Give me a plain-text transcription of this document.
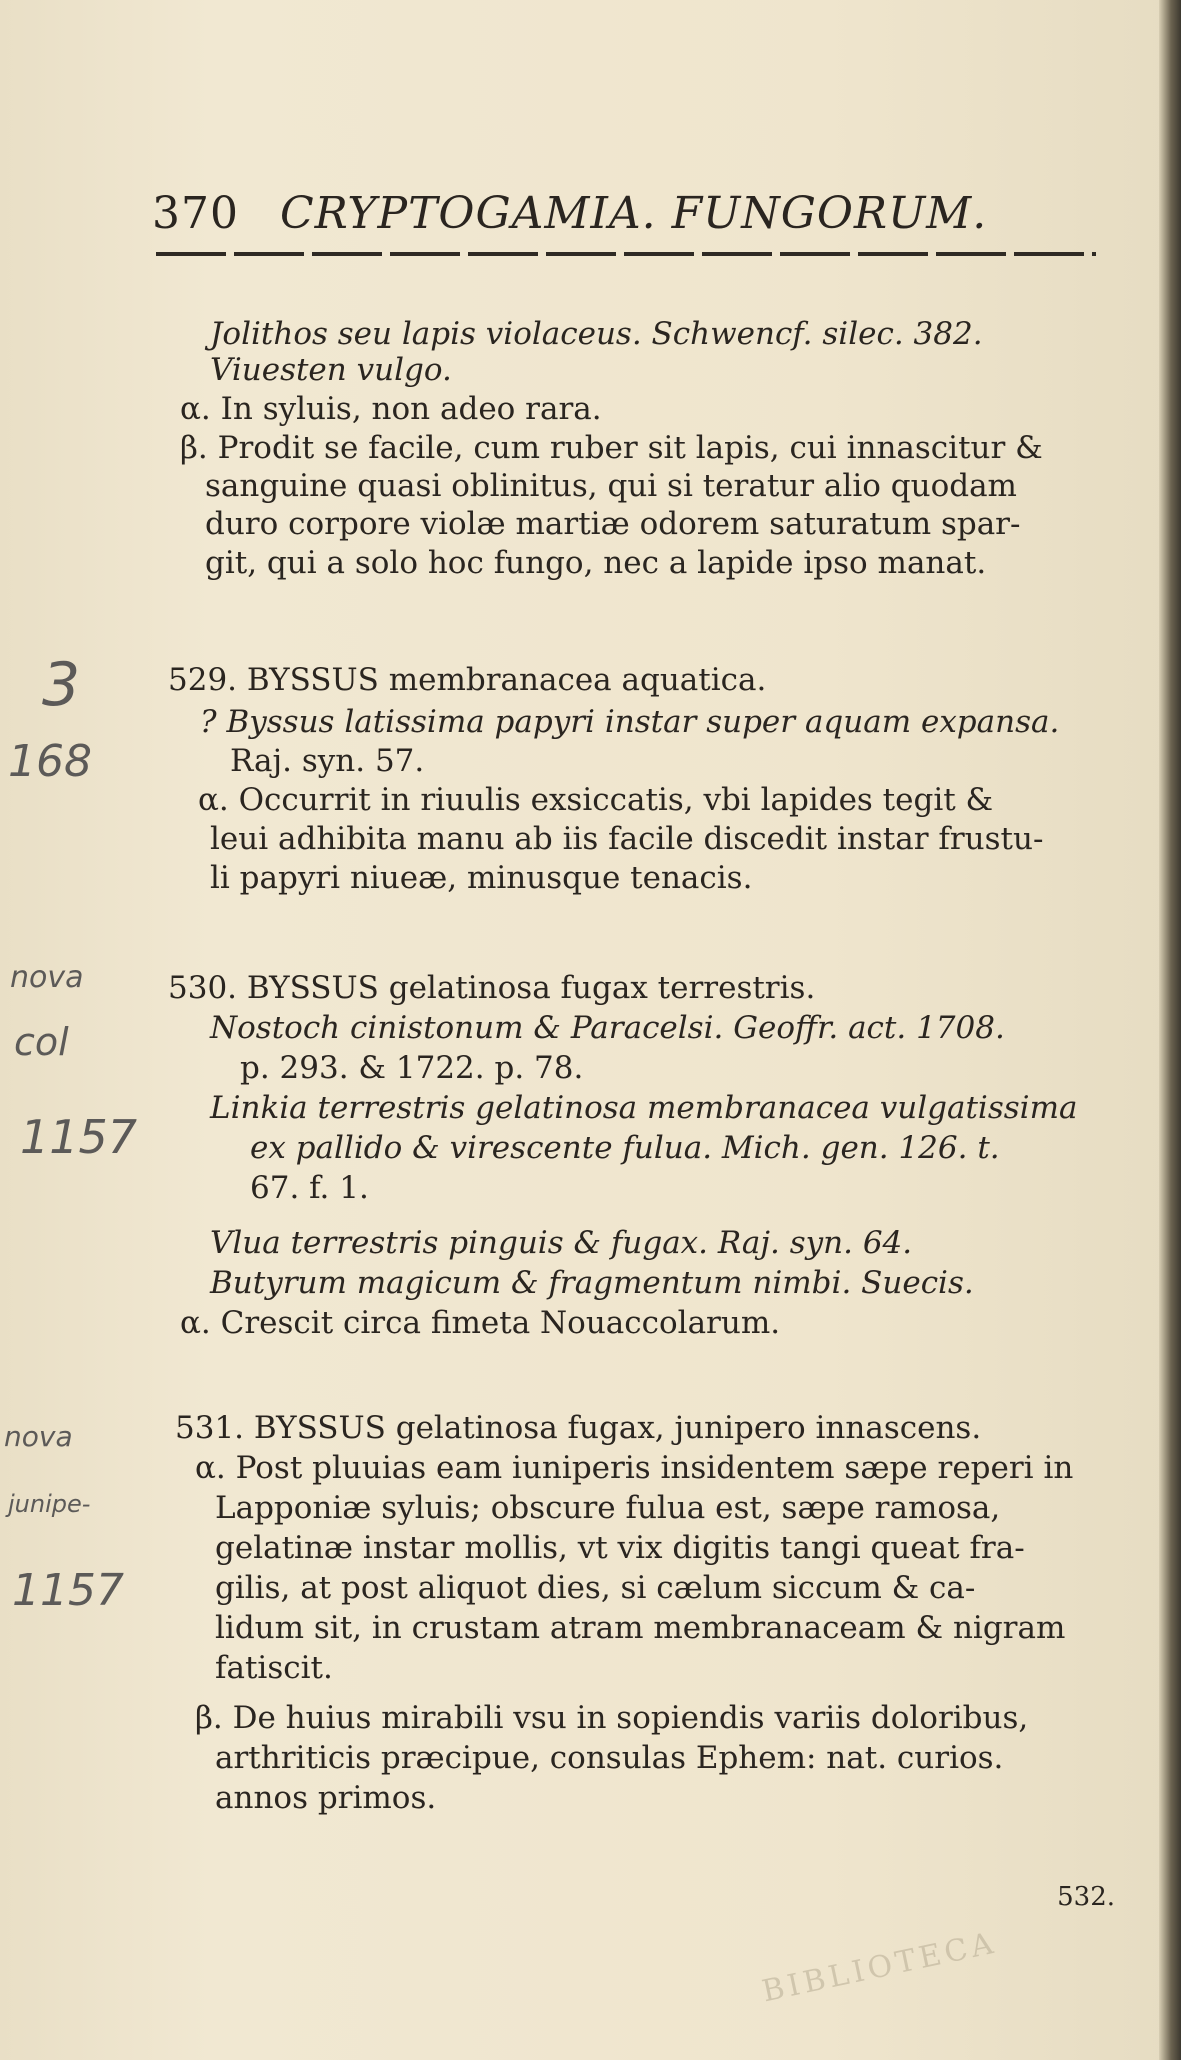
370 CRYPTOGAMIA. FUNGORUM.
Jolithos seu lapis violaceus. Schwencf. silec. 382.
Viuesten vulgo.
α. In syluis, non adeo rara.
β. Prodit se facile, cum ruber sit lapis, cui innascitur &
sanguine quasi oblinitus, qui si teratur alio quodam
duro corpore violæ martiæ odorem saturatum spar-
git, qui a solo hoc fungo, nec a lapide ipso manat.
529. BYSSUS membranacea aquatica.
? Byssus latissima papyri instar super aquam expansa.
Raj. syn. 57.
α. Occurrit in riuulis exsiccatis, vbi lapides tegit &
leui adhibita manu ab iis facile discedit instar frustu-
li papyri niueæ, minusque tenacis.
530. BYSSUS gelatinosa fugax terrestris.
Nostoch cinistonum & Paracelsi. Geoffr. act. 1708.
p. 293. & 1722. p. 78.
Linkia terrestris gelatinosa membranacea vulgatissima
ex pallido & virescente fulua. Mich. gen. 126. t.
67. f. 1.
Vlua terrestris pinguis & fugax. Raj. syn. 64.
Butyrum magicum & fragmentum nimbi. Suecis.
α. Crescit circa fimeta Nouaccolarum.
531. BYSSUS gelatinosa fugax, junipero innascens.
α. Post pluuias eam iuniperis insidentem sæpe reperi in
Lapponiæ syluis; obscure fulua est, sæpe ramosa,
gelatinæ instar mollis, vt vix digitis tangi queat fra-
gilis, at post aliquot dies, si cælum siccum & ca-
lidum sit, in crustam atram membranaceam & nigram
fatiscit.
β. De huius mirabili vsu in sopiendis variis doloribus,
arthriticis præcipue, consulas Ephem: nat. curios.
annos primos.
3
168
nova
col
1157
nova
junipe-
1157
532.
BIBLIOTECA
